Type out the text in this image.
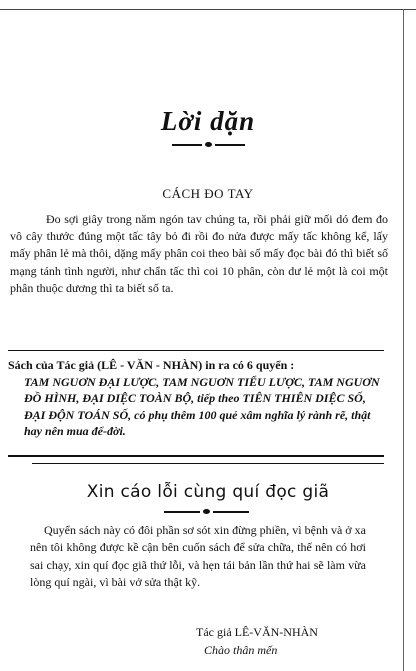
Lời dặn
CÁCH ĐO TAY

Đo sợi giây trong năm ngón tav chúng ta, rồi phải giữ mối dó đem đo vô cây thước đúng một tấc tây bỏ đi rồi đo nửa được mấy tấc không kể, lấy mấy phân lẻ mà thôi, dặng mấy phân coi theo bài số mấy đọc bài đó thì biết số mạng tánh tình người, như chẩn tấc thì coi 10 phân, còn dư lẻ một là coi một phân thuộc dương thì ta biết số ta.

Sách của Tác giả (LÊ - VĂN - NHÀN) in ra có 6 quyển :
TAM NGUƠN ĐẠI LƯỢC, TAM NGUƠN TIỂU LƯỢC, TAM NGUƠN ĐỒ HÌNH, ĐẠI DIỆC TOÀN BỘ, tiếp theo TIÊN THIÊN DIỆC SỐ, ĐẠI ĐỘN TOÁN SỐ, có phụ thêm 100 quẻ xâm nghĩa lý rành rẽ, thật hay nên mua để-đời.
Xin cáo lỗi cùng quí đọc giã

Quyển sách này có đôi phần sơ sót xin đừng phiền, vì bệnh và ở xa nên tôi không được kề cận bên cuốn sách để sửa chữa, thế nên có hơi sai chạy, xin quí đọc giã thứ lỗi, và hẹn tái bản lần thứ hai sẽ làm vừa lòng quí ngài, vì bài vở sửa thật kỹ.

Tác giả LÊ-VĂN-NHÀN
Chào thân mến
